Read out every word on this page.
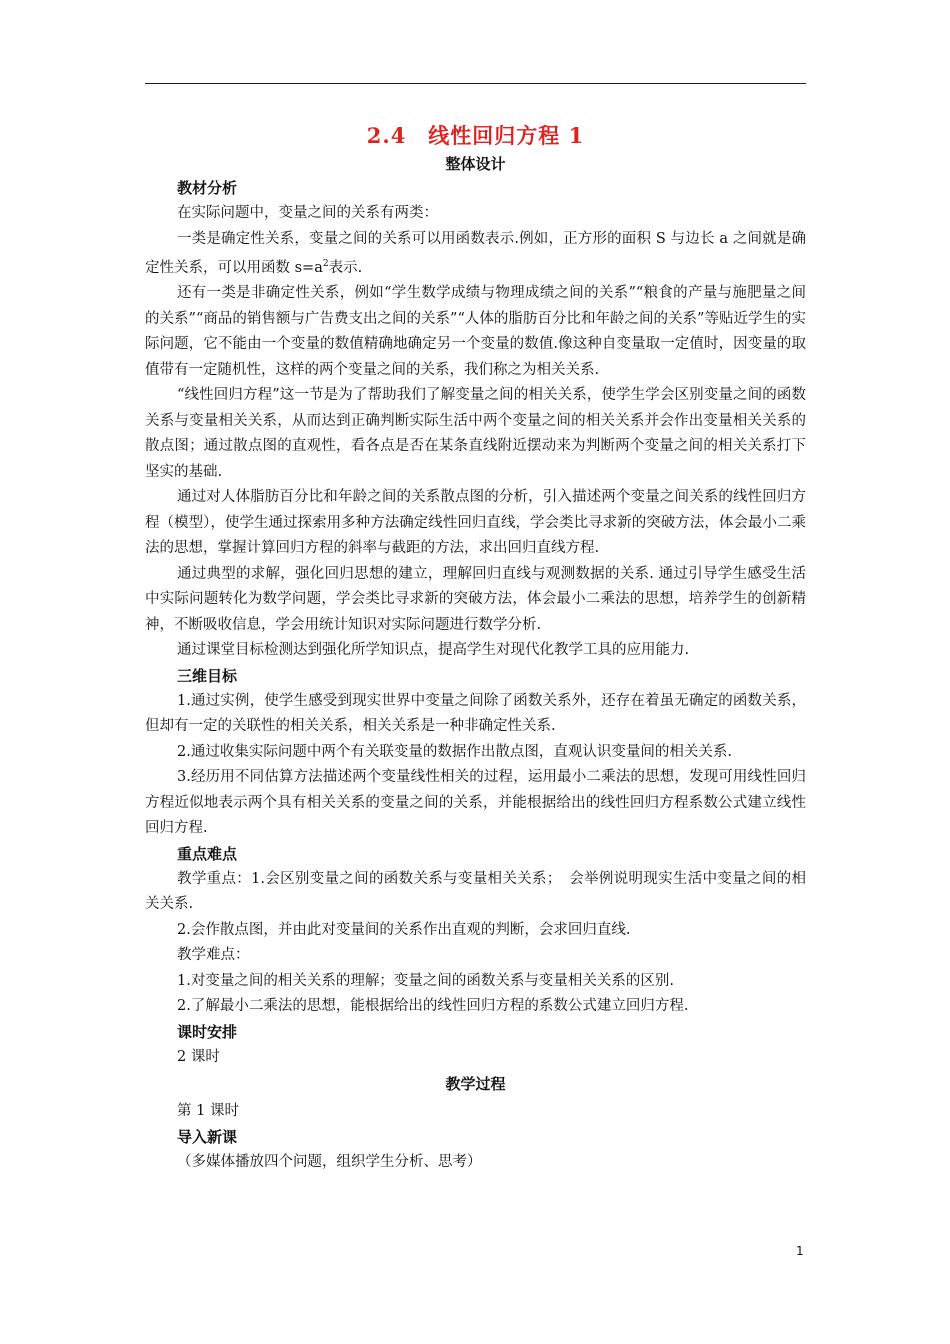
2.4　线性回归方程 1
整体设计
教材分析

在实际问题中，变量之间的关系有两类：

一类是确定性关系，变量之间的关系可以用函数表示.例如，正方形的面积 S 与边长 a 之间就是确定性关系，可以用函数 $s=a^2$表示.

还有一类是非确定性关系，例如“学生数学成绩与物理成绩之间的关系”“粮食的产量与施肥量之间的关系”“商品的销售额与广告费支出之间的关系”“人体的脂肪百分比和年龄之间的关系”等贴近学生的实际问题，它不能由一个变量的数值精确地确定另一个变量的数值.像这种自变量取一定值时，因变量的取值带有一定随机性，这样的两个变量之间的关系，我们称之为相关关系.

“线性回归方程”这一节是为了帮助我们了解变量之间的相关关系，使学生学会区别变量之间的函数关系与变量相关关系，从而达到正确判断实际生活中两个变量之间的相关关系并会作出变量相关关系的散点图；通过散点图的直观性，看各点是否在某条直线附近摆动来为判断两个变量之间的相关关系打下坚实的基础.

通过对人体脂肪百分比和年龄之间的关系散点图的分析，引入描述两个变量之间关系的线性回归方程（模型），使学生通过探索用多种方法确定线性回归直线，学会类比寻求新的突破方法，体会最小二乘法的思想，掌握计算回归方程的斜率与截距的方法，求出回归直线方程.

通过典型的求解，强化回归思想的建立，理解回归直线与观测数据的关系. 通过引导学生感受生活中实际问题转化为数学问题，学会类比寻求新的突破方法，体会最小二乘法的思想，培养学生的创新精神，不断吸收信息，学会用统计知识对实际问题进行数学分析.

通过课堂目标检测达到强化所学知识点，提高学生对现代化教学工具的应用能力.

三维目标

1.通过实例，使学生感受到现实世界中变量之间除了函数关系外，还存在着虽无确定的函数关系，但却有一定的关联性的相关关系，相关关系是一种非确定性关系.

2.通过收集实际问题中两个有关联变量的数据作出散点图，直观认识变量间的相关关系.

3.经历用不同估算方法描述两个变量线性相关的过程，运用最小二乘法的思想，发现可用线性回归方程近似地表示两个具有相关关系的变量之间的关系，并能根据给出的线性回归方程系数公式建立线性回归方程.

重点难点

教学重点：1.会区别变量之间的函数关系与变量相关关系；　会举例说明现实生活中变量之间的相关关系.

2.会作散点图，并由此对变量间的关系作出直观的判断，会求回归直线.

教学难点：

1.对变量之间的相关关系的理解；变量之间的函数关系与变量相关关系的区别.

2.了解最小二乘法的思想，能根据给出的线性回归方程的系数公式建立回归方程.

课时安排

2 课时

教学过程

第 1 课时

导入新课

（多媒体播放四个问题，组织学生分析、思考）

1
